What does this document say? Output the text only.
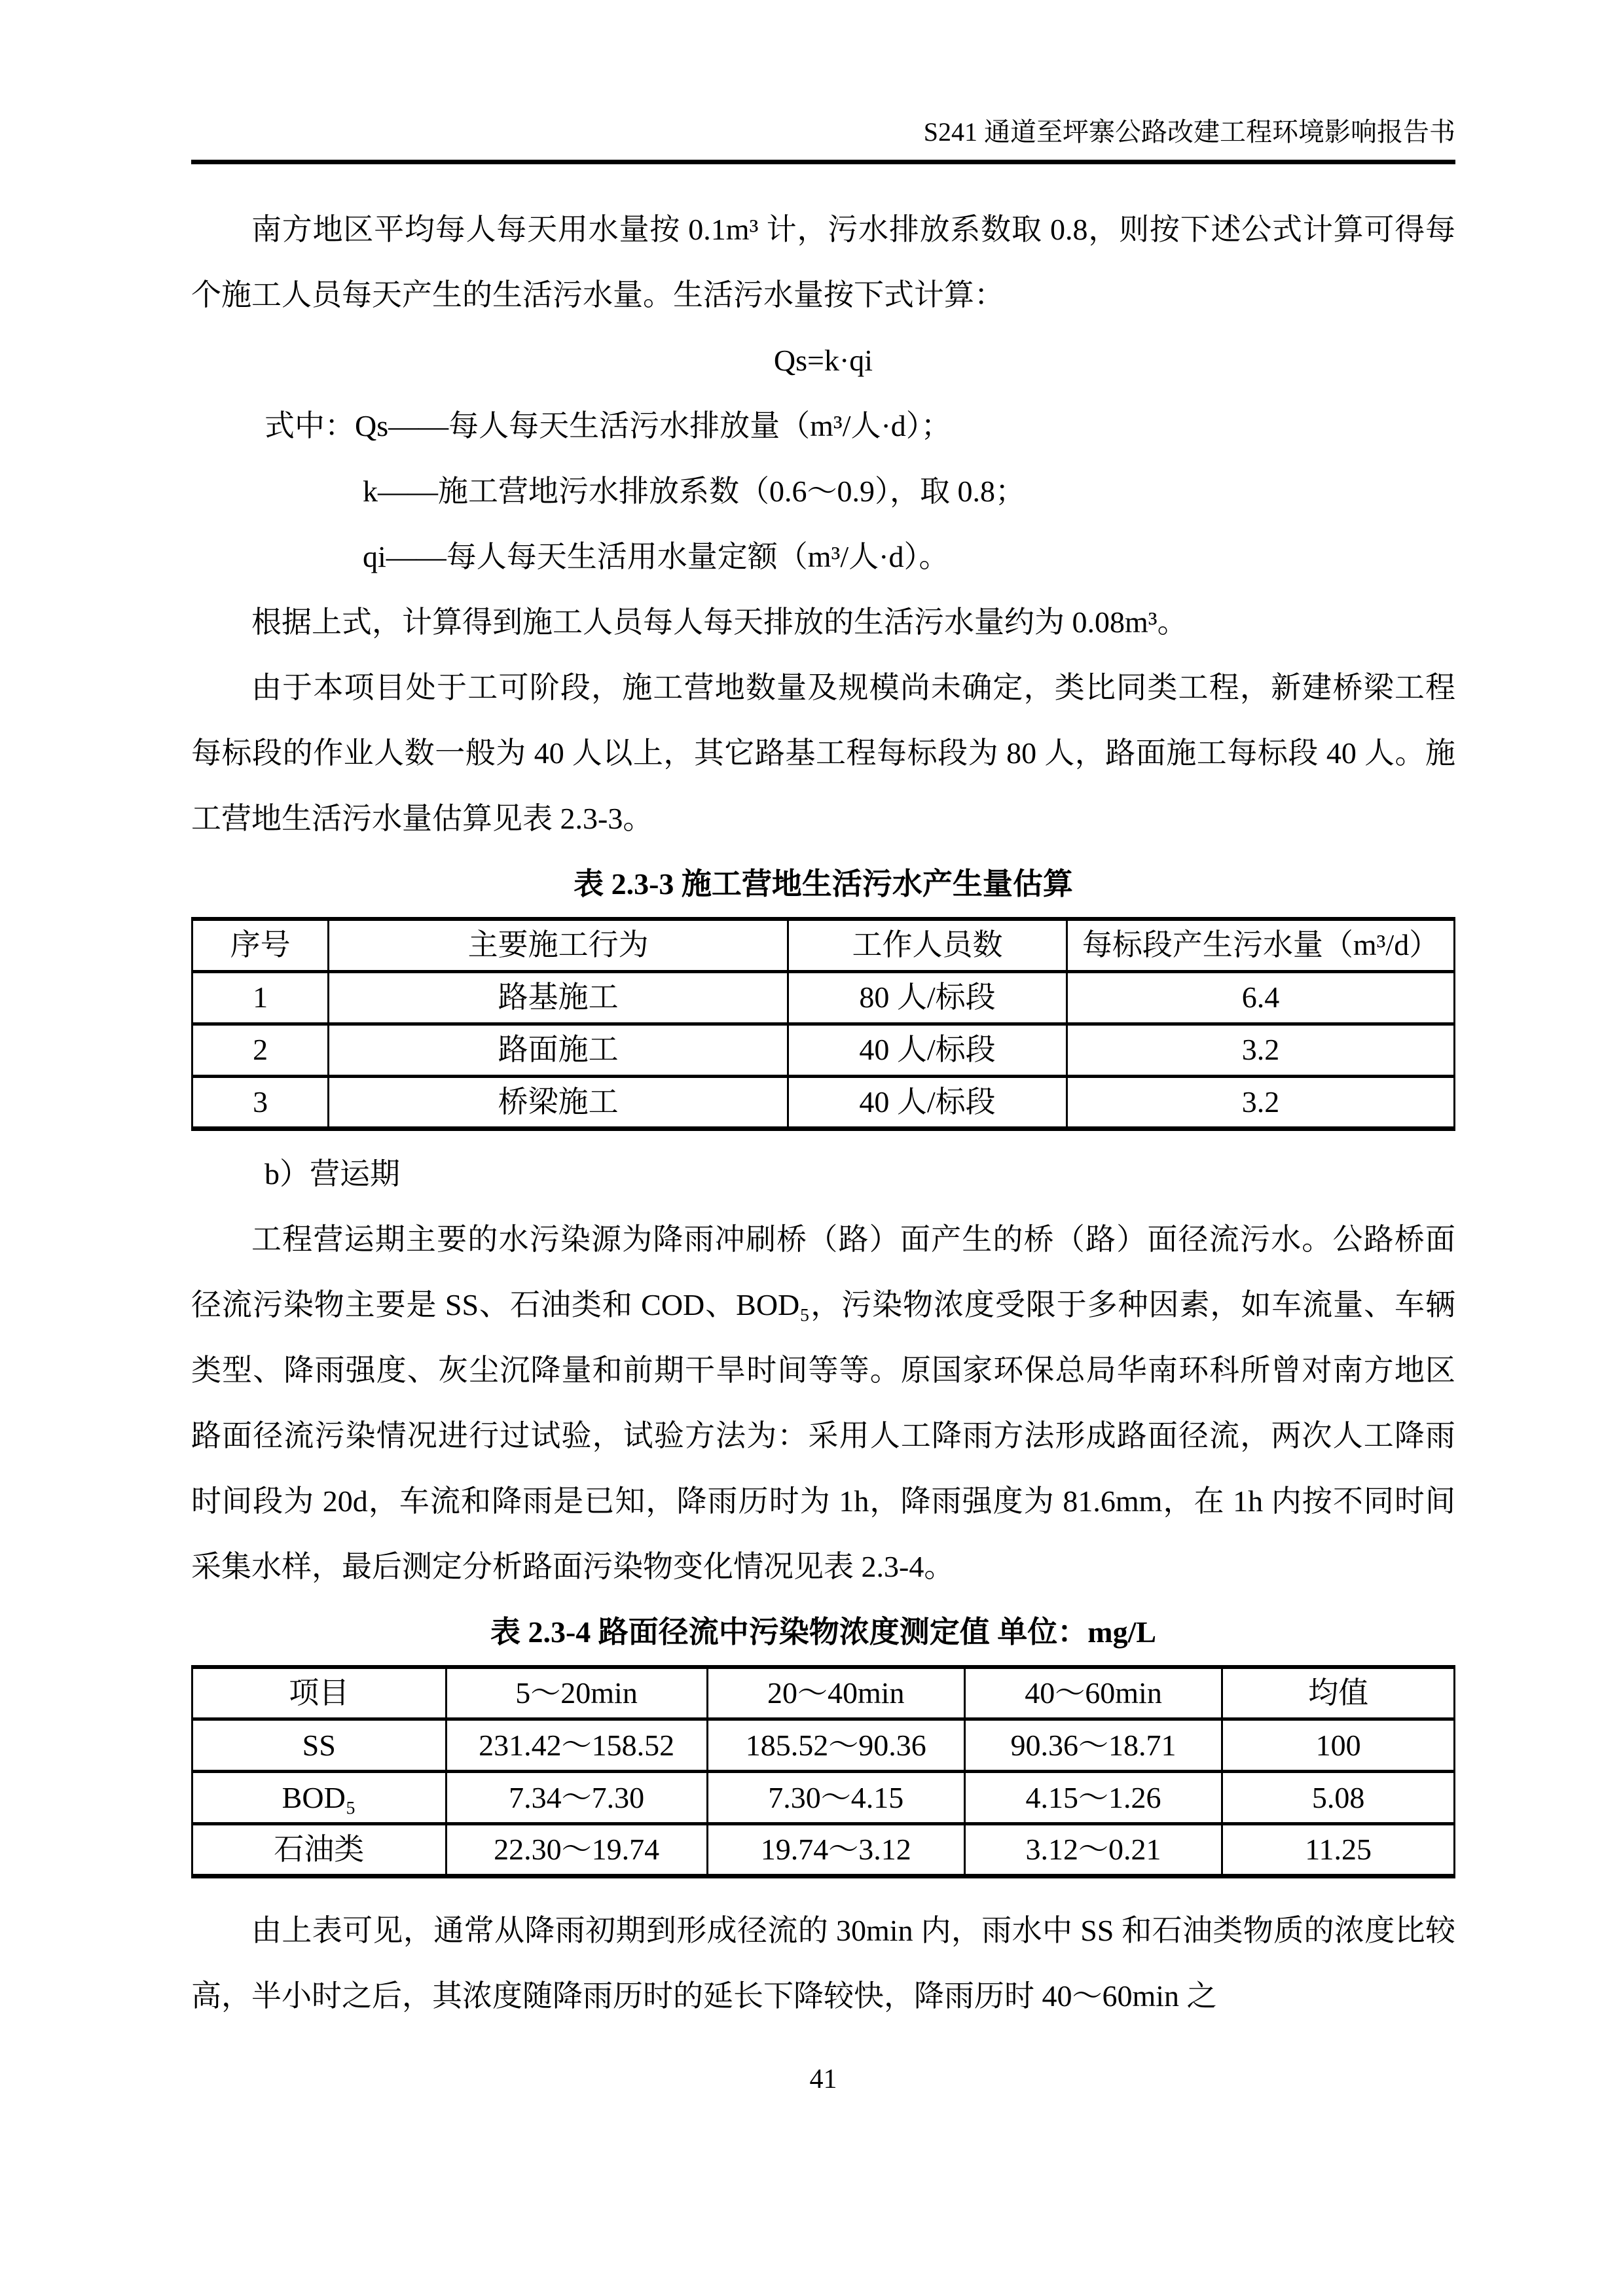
S241 通道至坪寨公路改建工程环境影响报告书

南方地区平均每人每天用水量按 0.1m³ 计，污水排放系数取 0.8，则按下述公式计算可得每个施工人员每天产生的生活污水量。生活污水量按下式计算：

Qs=k·qi

式中：Qs——每人每天生活污水排放量（m³/人·d）；

k——施工营地污水排放系数（0.6～0.9），取 0.8；

qi——每人每天生活用水量定额（m³/人·d）。

根据上式，计算得到施工人员每人每天排放的生活污水量约为 0.08m³。

由于本项目处于工可阶段，施工营地数量及规模尚未确定，类比同类工程，新建桥梁工程每标段的作业人数一般为 40 人以上，其它路基工程每标段为 80 人，路面施工每标段 40 人。施工营地生活污水量估算见表 2.3-3。

表 2.3-3 施工营地生活污水产生量估算

序号	主要施工行为	工作人员数	每标段产生污水量（m³/d）
1	路基施工	80 人/标段	6.4
2	路面施工	40 人/标段	3.2
3	桥梁施工	40 人/标段	3.2

b）营运期

工程营运期主要的水污染源为降雨冲刷桥（路）面产生的桥（路）面径流污水。公路桥面径流污染物主要是 SS、石油类和 COD、BOD₅，污染物浓度受限于多种因素，如车流量、车辆类型、降雨强度、灰尘沉降量和前期干旱时间等等。原国家环保总局华南环科所曾对南方地区路面径流污染情况进行过试验，试验方法为：采用人工降雨方法形成路面径流，两次人工降雨时间段为 20d，车流和降雨是已知，降雨历时为 1h，降雨强度为 81.6mm，在 1h 内按不同时间采集水样，最后测定分析路面污染物变化情况见表 2.3-4。

表 2.3-4 路面径流中污染物浓度测定值 单位：mg/L

项目	5～20min	20～40min	40～60min	均值
SS	231.42～158.52	185.52～90.36	90.36～18.71	100
BOD₅	7.34～7.30	7.30～4.15	4.15～1.26	5.08
石油类	22.30～19.74	19.74～3.12	3.12～0.21	11.25

由上表可见，通常从降雨初期到形成径流的 30min 内，雨水中 SS 和石油类物质的浓度比较高，半小时之后，其浓度随降雨历时的延长下降较快，降雨历时 40～60min 之

41
